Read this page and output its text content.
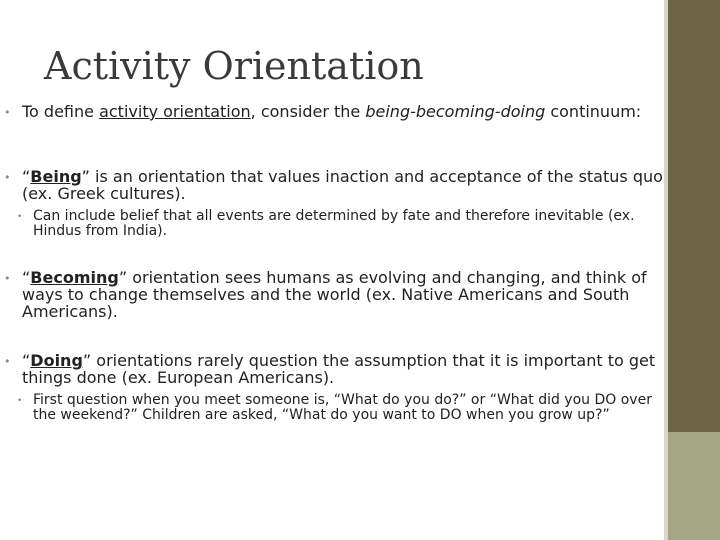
Activity Orientation
• To define activity orientation, consider the being-becoming-doing continuum:
• “Being” is an orientation that values inaction and acceptance of the status quo (ex. Greek cultures).
• Can include belief that all events are determined by fate and therefore inevitable (ex. Hindus from India).
• “Becoming” orientation sees humans as evolving and changing, and think of ways to change themselves and the world (ex. Native Americans and South Americans).
• “Doing” orientations rarely question the assumption that it is important to get things done (ex. European Americans).
• First question when you meet someone is, “What do you do?” or “What did you DO over the weekend?” Children are asked, “What do you want to DO when you grow up?”
